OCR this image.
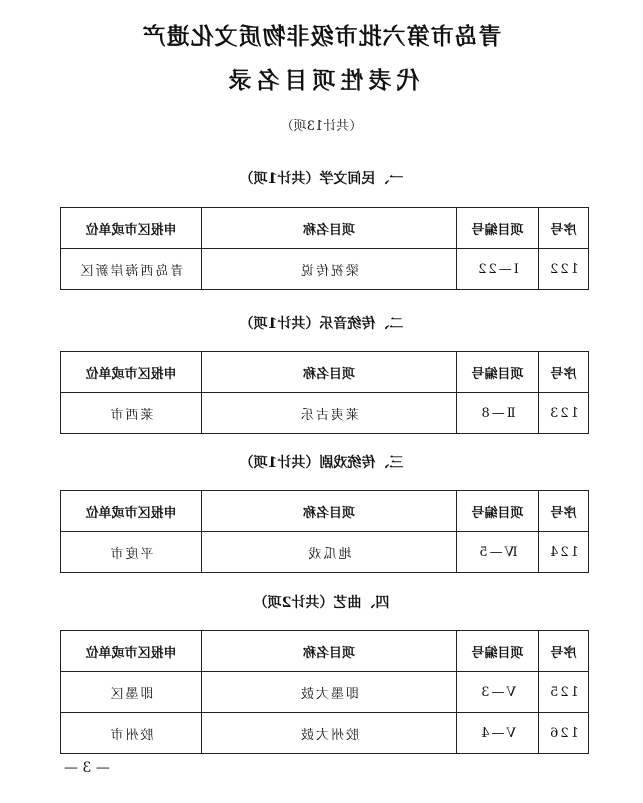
青岛市第六批市级非物质文化遗产
代表性项目名录
（共计13项）
一、民间文学（共计1项）
序号	项目编号	项目名称	申报区市或单位
122	Ⅰ—22	梁祝传说	青岛西海岸新区
二、传统音乐（共计1项）
序号	项目编号	项目名称	申报区市或单位
123	Ⅱ—8	莱夷古乐	莱西市
三、传统戏剧（共计1项）
序号	项目编号	项目名称	申报区市或单位
124	Ⅳ—5	地瓜戏	平度市
四、曲艺（共计2项）
序号	项目编号	项目名称	申报区市或单位
125	Ⅴ—3	即墨大鼓	即墨区
126	Ⅴ—4	胶州大鼓	胶州市
— 3 —
